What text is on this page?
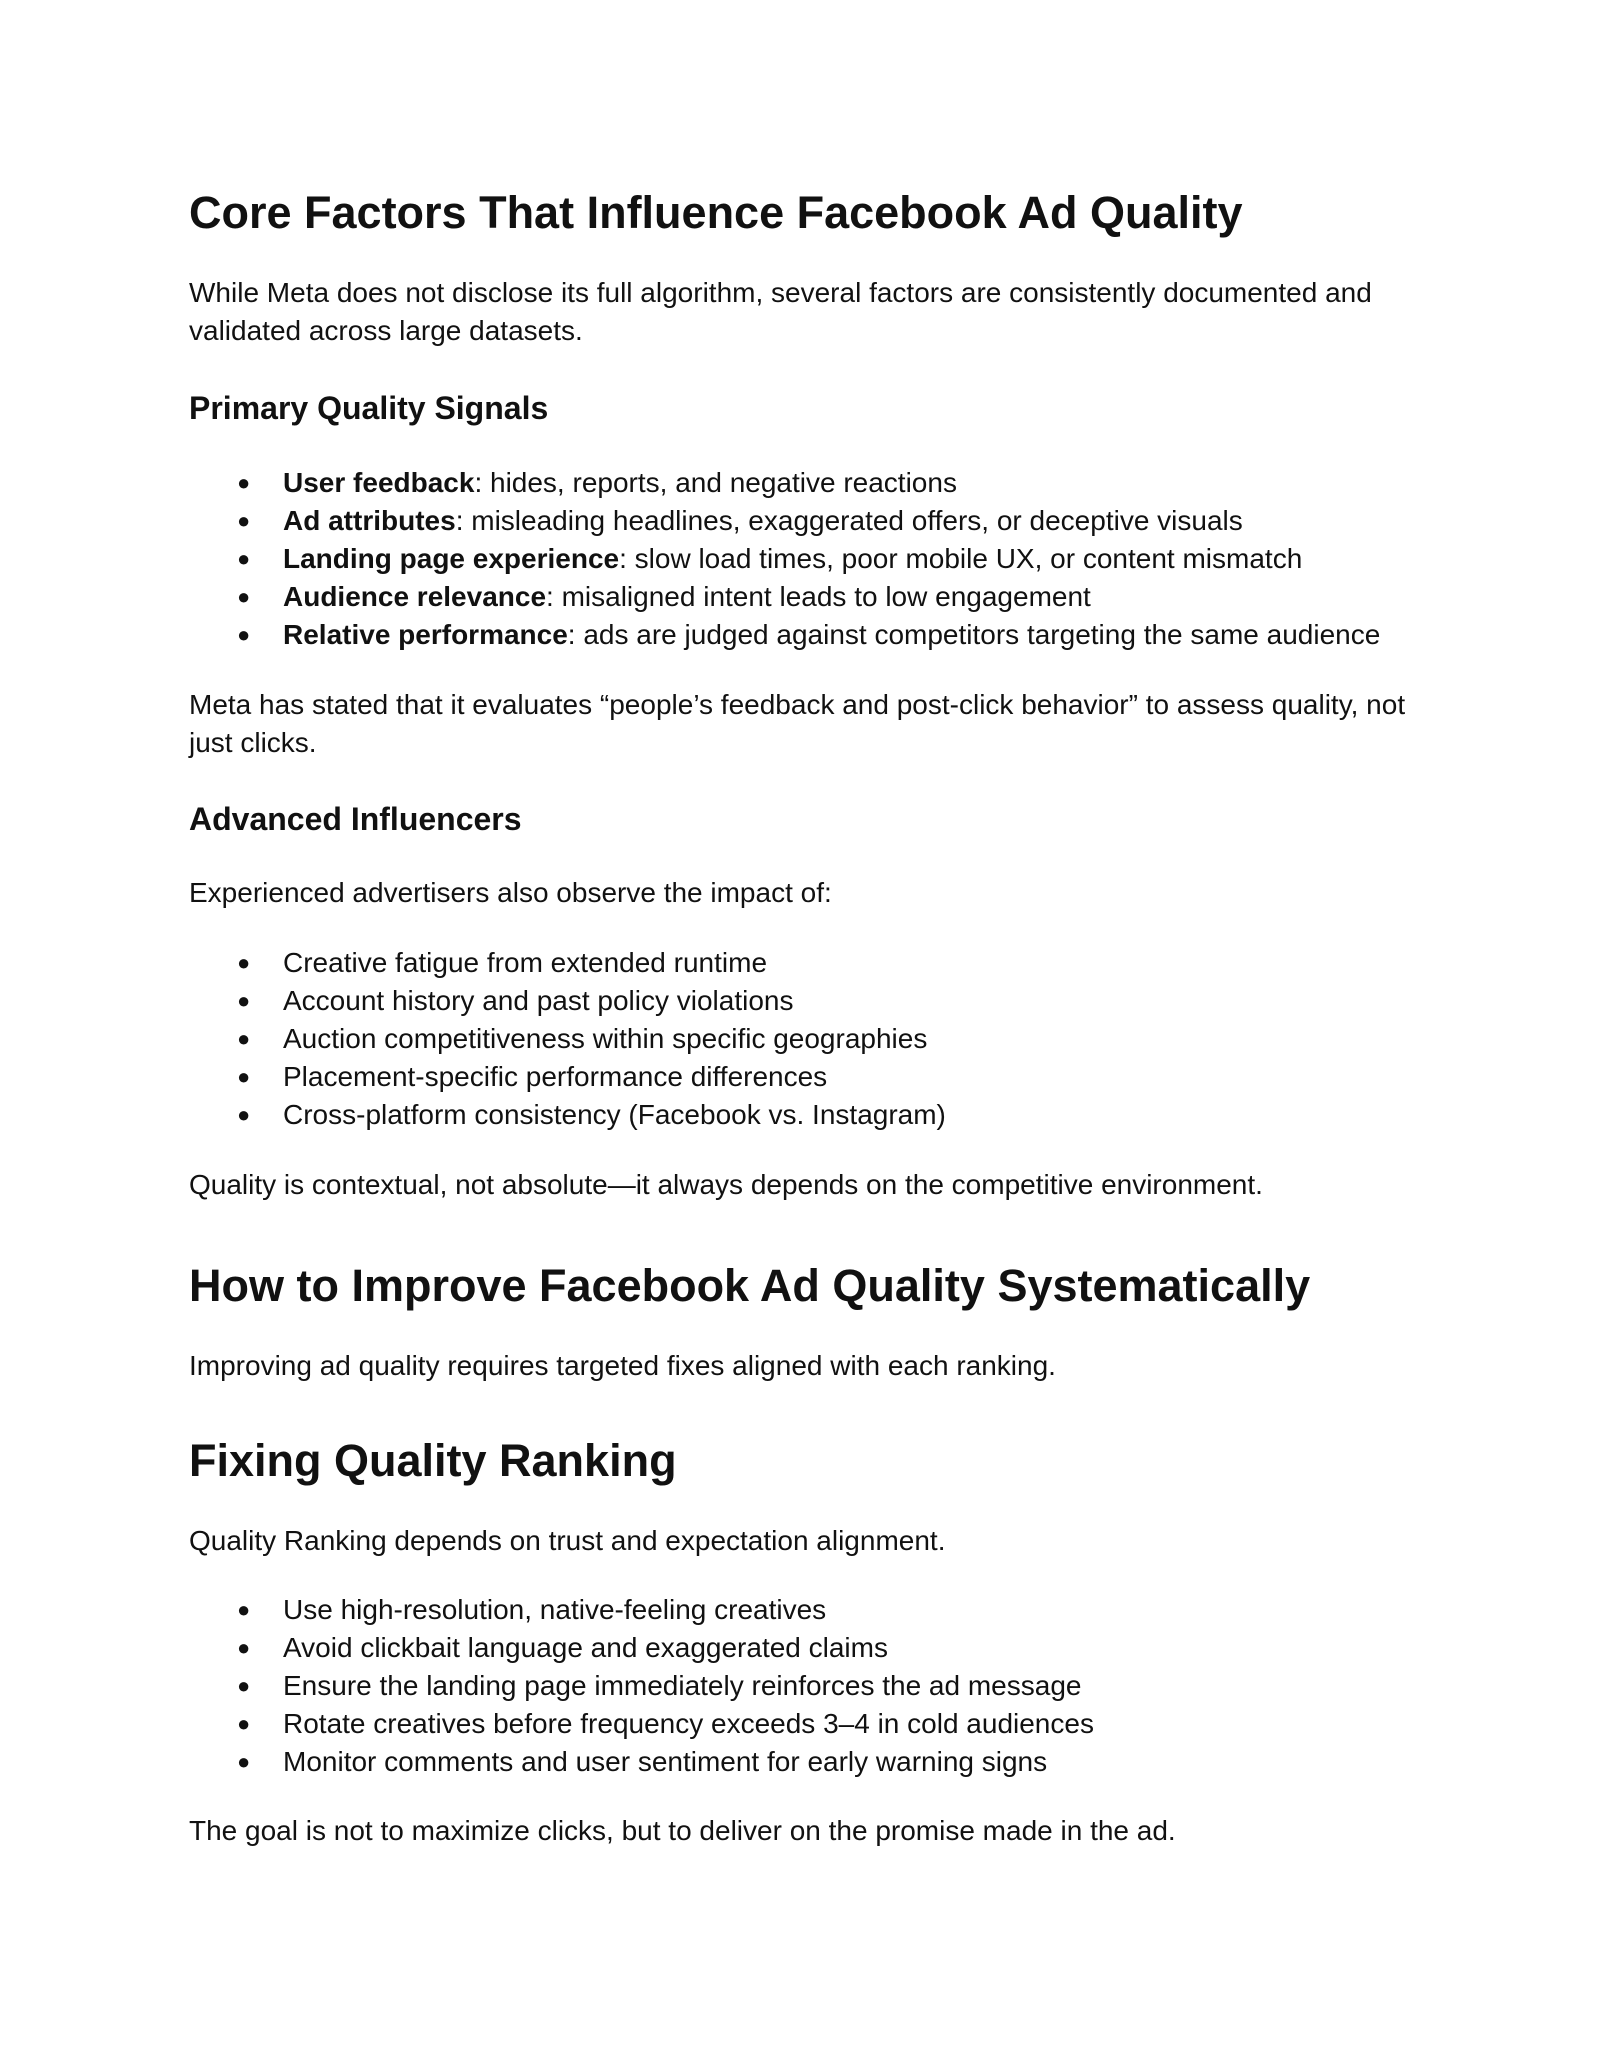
Core Factors That Influence Facebook Ad Quality

While Meta does not disclose its full algorithm, several factors are consistently documented and validated across large datasets.

Primary Quality Signals
● User feedback: hides, reports, and negative reactions
● Ad attributes: misleading headlines, exaggerated offers, or deceptive visuals
● Landing page experience: slow load times, poor mobile UX, or content mismatch
● Audience relevance: misaligned intent leads to low engagement
● Relative performance: ads are judged against competitors targeting the same audience

Meta has stated that it evaluates “people’s feedback and post-click behavior” to assess quality, not just clicks.

Advanced Influencers

Experienced advertisers also observe the impact of:

● Creative fatigue from extended runtime
● Account history and past policy violations
● Auction competitiveness within specific geographies
● Placement-specific performance differences
● Cross-platform consistency (Facebook vs. Instagram)

Quality is contextual, not absolute—it always depends on the competitive environment.

How to Improve Facebook Ad Quality Systematically

Improving ad quality requires targeted fixes aligned with each ranking.

Fixing Quality Ranking

Quality Ranking depends on trust and expectation alignment.

● Use high-resolution, native-feeling creatives
● Avoid clickbait language and exaggerated claims
● Ensure the landing page immediately reinforces the ad message
● Rotate creatives before frequency exceeds 3–4 in cold audiences
● Monitor comments and user sentiment for early warning signs

The goal is not to maximize clicks, but to deliver on the promise made in the ad.
